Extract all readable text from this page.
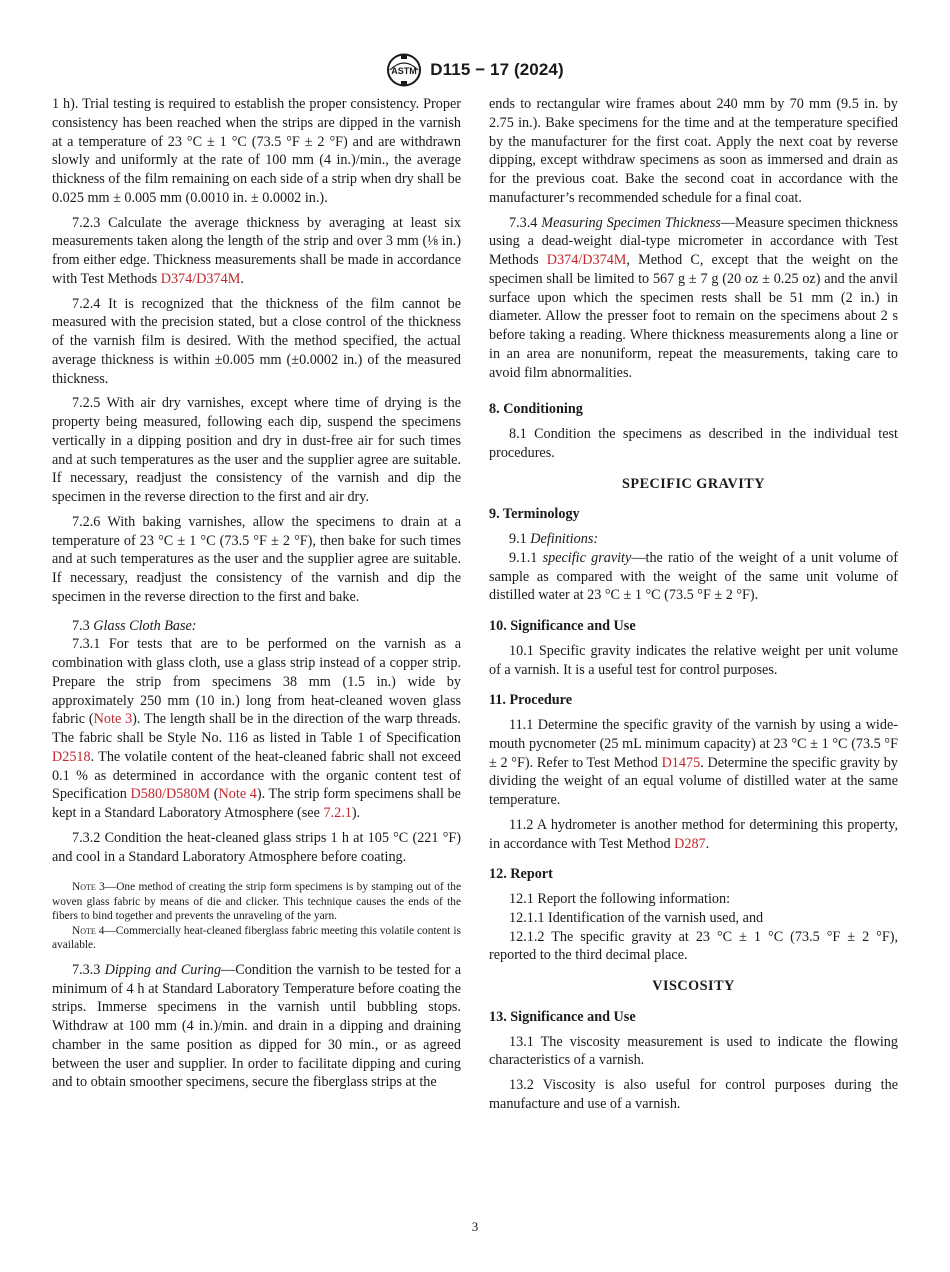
ASTM D115 − 17 (2024)

1 h). Trial testing is required to establish the proper consistency. Proper consistency has been reached when the strips are dipped in the varnish at a temperature of 23 °C ± 1 °C (73.5 °F ± 2 °F) and are withdrawn slowly and uniformly at the rate of 100 mm (4 in.)/min., the average thickness of the film remaining on each side of a strip when dry shall be 0.025 mm ± 0.005 mm (0.0010 in. ± 0.0002 in.).

7.2.3 Calculate the average thickness by averaging at least six measurements taken along the length of the strip and over 3 mm (⅛ in.) from either edge. Thickness measurements shall be made in accordance with Test Methods D374/D374M.

7.2.4 It is recognized that the thickness of the film cannot be measured with the precision stated, but a close control of the thickness of the varnish film is desired. With the method specified, the actual average thickness is within ±0.005 mm (±0.0002 in.) of the measured thickness.

7.2.5 With air dry varnishes, except where time of drying is the property being measured, following each dip, suspend the specimens vertically in a dipping position and dry in dust-free air for such times and at such temperatures as the user and the supplier agree are suitable. If necessary, readjust the consistency of the varnish and dip the specimen in the reverse direction to the first and air dry.

7.2.6 With baking varnishes, allow the specimens to drain at a temperature of 23 °C ± 1 °C (73.5 °F ± 2 °F), then bake for such times and at such temperatures as the user and the supplier agree are suitable. If necessary, readjust the consistency of the varnish and dip the specimen in the reverse direction to the first and bake.

7.3 Glass Cloth Base:

7.3.1 For tests that are to be performed on the varnish as a combination with glass cloth, use a glass strip instead of a copper strip. Prepare the strip from specimens 38 mm (1.5 in.) wide by approximately 250 mm (10 in.) long from heat-cleaned woven glass fabric (Note 3). The length shall be in the direction of the warp threads. The fabric shall be Style No. 116 as listed in Table 1 of Specification D2518. The volatile content of the heat-cleaned fabric shall not exceed 0.1 % as determined in accordance with the organic content test of Specification D580/D580M (Note 4). The strip form specimens shall be kept in a Standard Laboratory Atmosphere (see 7.2.1).

7.3.2 Condition the heat-cleaned glass strips 1 h at 105 °C (221 °F) and cool in a Standard Laboratory Atmosphere before coating.

Note 3—One method of creating the strip form specimens is by stamping out of the woven glass fabric by means of die and clicker. This technique causes the ends of the fibers to bind together and prevents the unraveling of the yarn.

Note 4—Commercially heat-cleaned fiberglass fabric meeting this volatile content is available.

7.3.3 Dipping and Curing—Condition the varnish to be tested for a minimum of 4 h at Standard Laboratory Temperature before coating the strips. Immerse specimens in the varnish until bubbling stops. Withdraw at 100 mm (4 in.)/min. and drain in a dipping and draining chamber in the same position as dipped for 30 min., or as agreed between the user and supplier. In order to facilitate dipping and curing and to obtain smoother specimens, secure the fiberglass strips at the

ends to rectangular wire frames about 240 mm by 70 mm (9.5 in. by 2.75 in.). Bake specimens for the time and at the temperature specified by the manufacturer for the first coat. Apply the next coat by reverse dipping, except withdraw specimens as soon as immersed and drain as for the previous coat. Bake the second coat in accordance with the manufacturer’s recommended schedule for a final coat.

7.3.4 Measuring Specimen Thickness—Measure specimen thickness using a dead-weight dial-type micrometer in accordance with Test Methods D374/D374M, Method C, except that the weight on the specimen shall be limited to 567 g ± 7 g (20 oz ± 0.25 oz) and the anvil surface upon which the specimen rests shall be 51 mm (2 in.) in diameter. Allow the presser foot to remain on the specimens about 2 s before taking a reading. Where thickness measurements along a line or in an area are nonuniform, repeat the measurements, taking care to avoid film abnormalities.

8. Conditioning

8.1 Condition the specimens as described in the individual test procedures.

SPECIFIC GRAVITY
9. Terminology

9.1 Definitions:

9.1.1 specific gravity—the ratio of the weight of a unit volume of sample as compared with the weight of the same unit volume of distilled water at 23 °C ± 1 °C (73.5 °F ± 2 °F).

10. Significance and Use

10.1 Specific gravity indicates the relative weight per unit volume of a varnish. It is a useful test for control purposes.

11. Procedure

11.1 Determine the specific gravity of the varnish by using a wide-mouth pycnometer (25 mL minimum capacity) at 23 °C ± 1 °C (73.5 °F ± 2 °F). Refer to Test Method D1475. Determine the specific gravity by dividing the weight of an equal volume of distilled water at the same temperature.

11.2 A hydrometer is another method for determining this property, in accordance with Test Method D287.

12. Report

12.1 Report the following information:

12.1.1 Identification of the varnish used, and

12.1.2 The specific gravity at 23 °C ± 1 °C (73.5 °F ± 2 °F), reported to the third decimal place.

VISCOSITY
13. Significance and Use

13.1 The viscosity measurement is used to indicate the flowing characteristics of a varnish.

13.2 Viscosity is also useful for control purposes during the manufacture and use of a varnish.

3
